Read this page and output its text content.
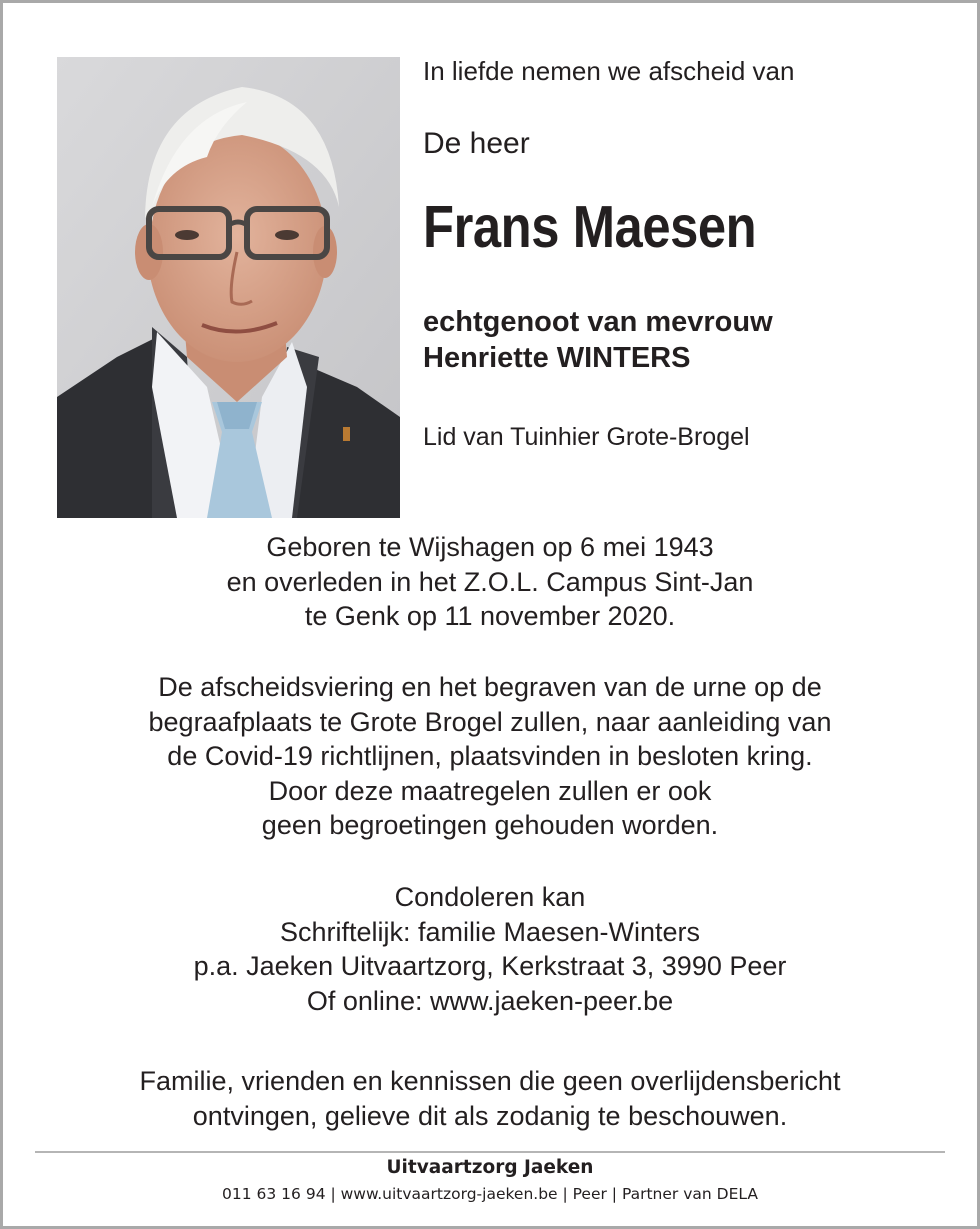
In liefde nemen we afscheid van
De heer
Frans Maesen
echtgenoot van mevrouw
Henriette WINTERS
Lid van Tuinhier Grote-Brogel
Geboren te Wijshagen op 6 mei 1943
en overleden in het Z.O.L. Campus Sint-Jan
te Genk op 11 november 2020.
De afscheidsviering en het begraven van de urne op de
begraafplaats te Grote Brogel zullen, naar aanleiding van
de Covid-19 richtlijnen, plaatsvinden in besloten kring.
Door deze maatregelen zullen er ook
geen begroetingen gehouden worden.
Condoleren kan
Schriftelijk: familie Maesen-Winters
p.a. Jaeken Uitvaartzorg, Kerkstraat 3, 3990 Peer
Of online: www.jaeken-peer.be
Familie, vrienden en kennissen die geen overlijdensbericht
ontvingen, gelieve dit als zodanig te beschouwen.
Uitvaartzorg Jaeken
011 63 16 94 | www.uitvaartzorg-jaeken.be | Peer | Partner van DELA
